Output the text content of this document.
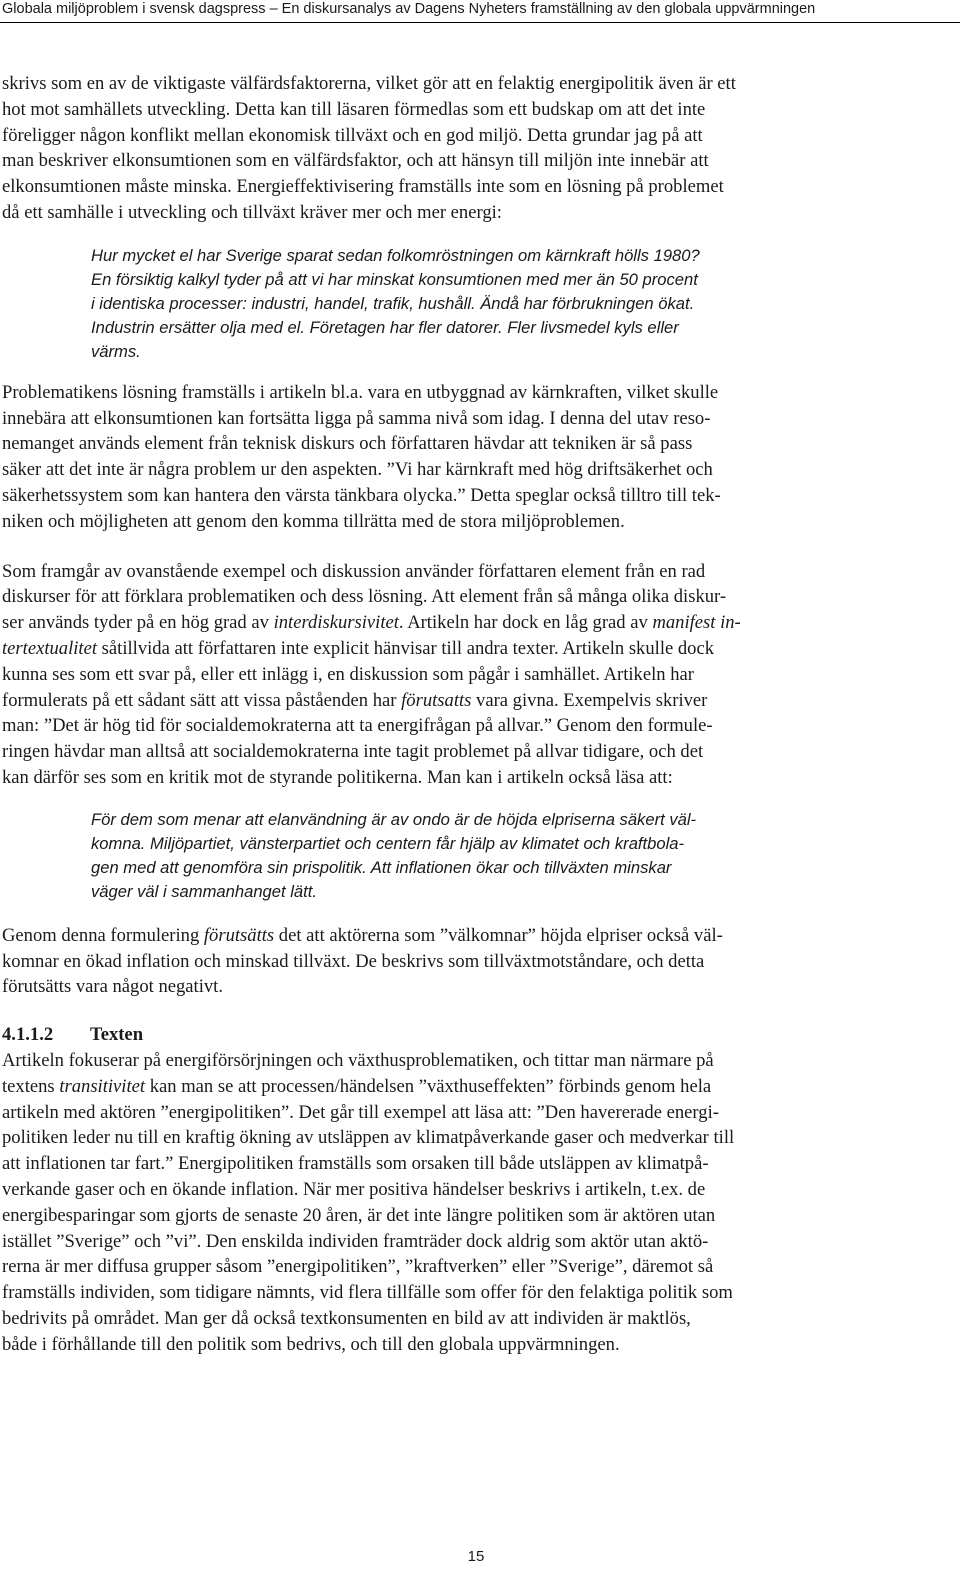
Globala miljöproblem i svensk dagspress – En diskursanalys av Dagens Nyheters framställning av den globala uppvärmningen

skrivs som en av de viktigaste välfärdsfaktorerna, vilket gör att en felaktig energipolitik även är ett
hot mot samhällets utveckling. Detta kan till läsaren förmedlas som ett budskap om att det inte
föreligger någon konflikt mellan ekonomisk tillväxt och en god miljö. Detta grundar jag på att
man beskriver elkonsumtionen som en välfärdsfaktor, och att hänsyn till miljön inte innebär att
elkonsumtionen måste minska. Energieffektivisering framställs inte som en lösning på problemet
då ett samhälle i utveckling och tillväxt kräver mer och mer energi:

Hur mycket el har Sverige sparat sedan folkomröstningen om kärnkraft hölls 1980?
En försiktig kalkyl tyder på att vi har minskat konsumtionen med mer än 50 procent
i identiska processer: industri, handel, trafik, hushåll. Ändå har förbrukningen ökat.
Industrin ersätter olja med el. Företagen har fler datorer. Fler livsmedel kyls eller
värms.

Problematikens lösning framställs i artikeln bl.a. vara en utbyggnad av kärnkraften, vilket skulle
innebära att elkonsumtionen kan fortsätta ligga på samma nivå som idag. I denna del utav reso-
nemanget används element från teknisk diskurs och författaren hävdar att tekniken är så pass
säker att det inte är några problem ur den aspekten. ”Vi har kärnkraft med hög driftsäkerhet och
säkerhetssystem som kan hantera den värsta tänkbara olycka.” Detta speglar också tilltro till tek-
niken och möjligheten att genom den komma tillrätta med de stora miljöproblemen.

Som framgår av ovanstående exempel och diskussion använder författaren element från en rad
diskurser för att förklara problematiken och dess lösning. Att element från så många olika diskur-
ser används tyder på en hög grad av interdiskursivitet. Artikeln har dock en låg grad av manifest in-
tertextualitet såtillvida att författaren inte explicit hänvisar till andra texter. Artikeln skulle dock
kunna ses som ett svar på, eller ett inlägg i, en diskussion som pågår i samhället. Artikeln har
formulerats på ett sådant sätt att vissa påståenden har förutsatts vara givna. Exempelvis skriver
man: ”Det är hög tid för socialdemokraterna att ta energifrågan på allvar.” Genom den formule-
ringen hävdar man alltså att socialdemokraterna inte tagit problemet på allvar tidigare, och det
kan därför ses som en kritik mot de styrande politikerna. Man kan i artikeln också läsa att:

För dem som menar att elanvändning är av ondo är de höjda elpriserna säkert väl-
komna. Miljöpartiet, vänsterpartiet och centern får hjälp av klimatet och kraftbola-
gen med att genomföra sin prispolitik. Att inflationen ökar och tillväxten minskar
väger väl i sammanhanget lätt.

Genom denna formulering förutsätts det att aktörerna som ”välkomnar” höjda elpriser också väl-
komnar en ökad inflation och minskad tillväxt. De beskrivs som tillväxtmotståndare, och detta
förutsätts vara något negativt.

4.1.1.2 Texten

Artikeln fokuserar på energiförsörjningen och växthusproblematiken, och tittar man närmare på
textens transitivitet kan man se att processen/händelsen ”växthuseffekten” förbinds genom hela
artikeln med aktören ”energipolitiken”. Det går till exempel att läsa att: ”Den havererade energi-
politiken leder nu till en kraftig ökning av utsläppen av klimatpåverkande gaser och medverkar till
att inflationen tar fart.” Energipolitiken framställs som orsaken till både utsläppen av klimatpå-
verkande gaser och en ökande inflation. När mer positiva händelser beskrivs i artikeln, t.ex. de
energibesparingar som gjorts de senaste 20 åren, är det inte längre politiken som är aktören utan
istället ”Sverige” och ”vi”. Den enskilda individen framträder dock aldrig som aktör utan aktö-
rerna är mer diffusa grupper såsom ”energipolitiken”, ”kraftverken” eller ”Sverige”, däremot så
framställs individen, som tidigare nämnts, vid flera tillfälle som offer för den felaktiga politik som
bedrivits på området. Man ger då också textkonsumenten en bild av att individen är maktlös,
både i förhållande till den politik som bedrivs, och till den globala uppvärmningen.

15
